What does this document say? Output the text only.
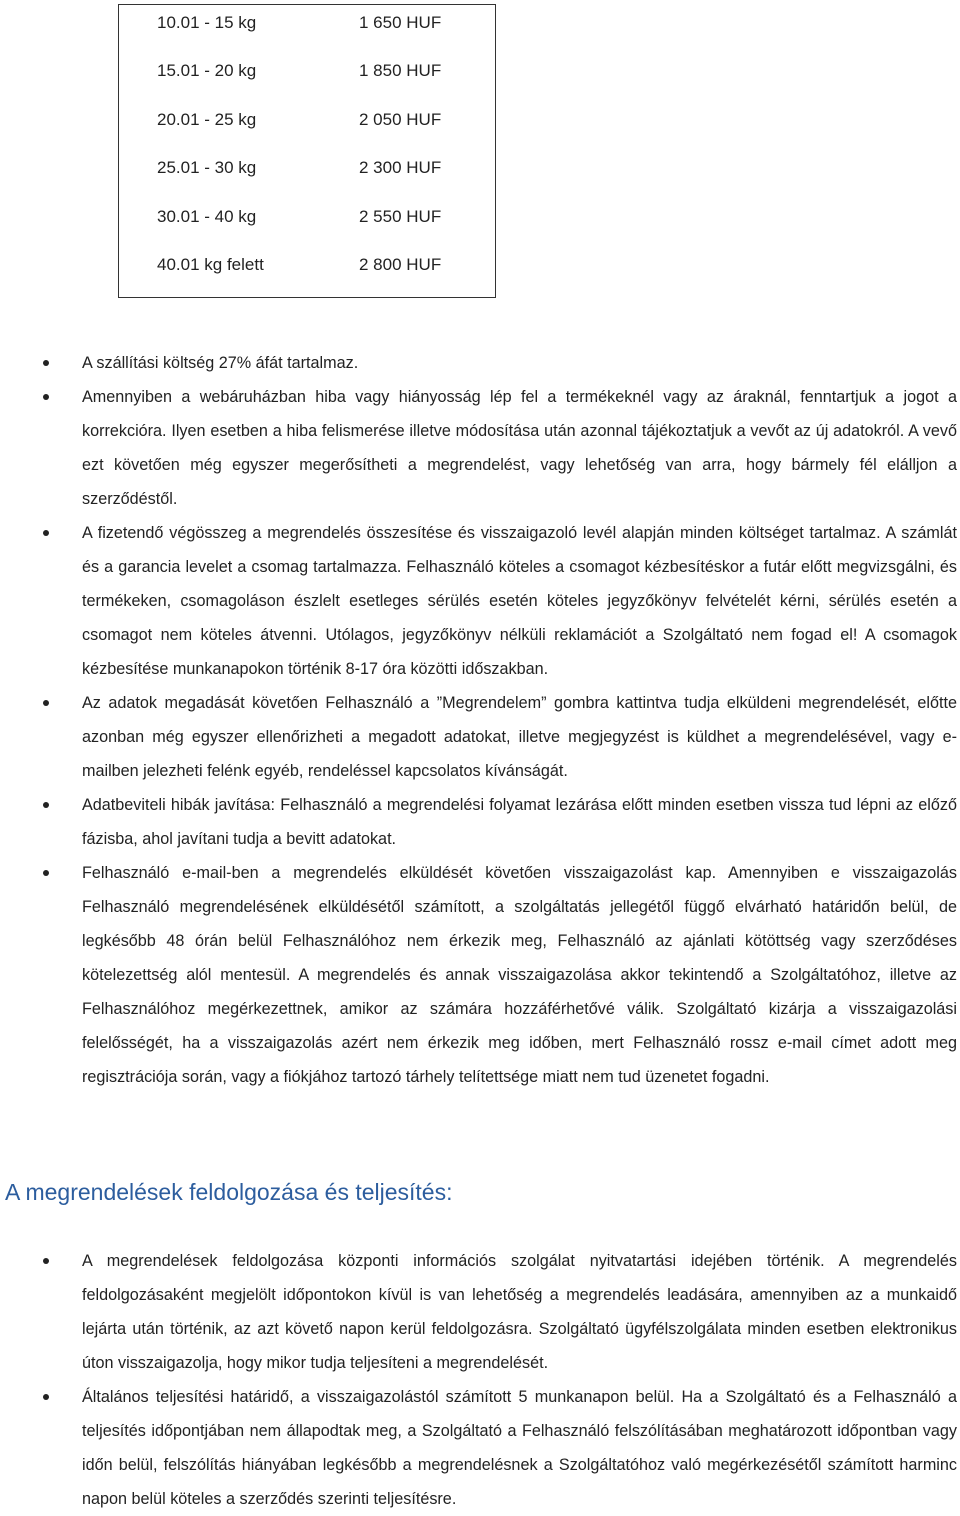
10.01 - 15 kg	1 650 HUF
15.01 - 20 kg	1 850 HUF
20.01 - 25 kg	2 050 HUF
25.01 - 30 kg	2 300 HUF
30.01 - 40 kg	2 550 HUF
40.01 kg felett	2 800 HUF
A szállítási költség 27% áfát tartalmaz.
Amennyiben a webáruházban hiba vagy hiányosság lép fel a termékeknél vagy az áraknál, fenntartjuk a jogot a korrekcióra. Ilyen esetben a hiba felismerése illetve módosítása után azonnal tájékoztatjuk a vevőt az új adatokról. A vevő ezt követően még egyszer megerősítheti a megrendelést, vagy lehetőség van arra, hogy bármely fél elálljon a szerződéstől.
A fizetendő végösszeg a megrendelés összesítése és visszaigazoló levél alapján minden költséget tartalmaz. A számlát és a garancia levelet a csomag tartalmazza. Felhasználó köteles a csomagot kézbesítéskor a futár előtt megvizsgálni, és termékeken, csomagoláson észlelt esetleges sérülés esetén köteles jegyzőkönyv felvételét kérni, sérülés esetén a csomagot nem köteles átvenni. Utólagos, jegyzőkönyv nélküli reklamációt a Szolgáltató nem fogad el! A csomagok kézbesítése munkanapokon történik 8-17 óra közötti időszakban.
Az adatok megadását követően Felhasználó a ”Megrendelem” gombra kattintva tudja elküldeni megrendelését, előtte azonban még egyszer ellenőrizheti a megadott adatokat, illetve megjegyzést is küldhet a megrendelésével, vagy e-mailben jelezheti felénk egyéb, rendeléssel kapcsolatos kívánságát.
Adatbeviteli hibák javítása: Felhasználó a megrendelési folyamat lezárása előtt minden esetben vissza tud lépni az előző fázisba, ahol javítani tudja a bevitt adatokat.
Felhasználó e-mail-ben a megrendelés elküldését követően visszaigazolást kap. Amennyiben e visszaigazolás Felhasználó megrendelésének elküldésétől számított, a szolgáltatás jellegétől függő elvárható határidőn belül, de legkésőbb 48 órán belül Felhasználóhoz nem érkezik meg, Felhasználó az ajánlati kötöttség vagy szerződéses kötelezettség alól mentesül. A megrendelés és annak visszaigazolása akkor tekintendő a Szolgáltatóhoz, illetve az Felhasználóhoz megérkezettnek, amikor az számára hozzáférhetővé válik. Szolgáltató kizárja a visszaigazolási felelősségét, ha a visszaigazolás azért nem érkezik meg időben, mert Felhasználó rossz e-mail címet adott meg regisztrációja során, vagy a fiókjához tartozó tárhely telítettsége miatt nem tud üzenetet fogadni.
A megrendelések feldolgozása és teljesítés:
A megrendelések feldolgozása központi információs szolgálat nyitvatartási idejében történik. A megrendelés feldolgozásaként megjelölt időpontokon kívül is van lehetőség a megrendelés leadására, amennyiben az a munkaidő lejárta után történik, az azt követő napon kerül feldolgozásra. Szolgáltató ügyfélszolgálata minden esetben elektronikus úton visszaigazolja, hogy mikor tudja teljesíteni a megrendelését.
Általános teljesítési határidő, a visszaigazolástól számított 5 munkanapon belül. Ha a Szolgáltató és a Felhasználó a teljesítés időpontjában nem állapodtak meg, a Szolgáltató a Felhasználó felszólításában meghatározott időpontban vagy időn belül, felszólítás hiányában legkésőbb a megrendelésnek a Szolgáltatóhoz való megérkezésétől számított harminc napon belül köteles a szerződés szerinti teljesítésre.
